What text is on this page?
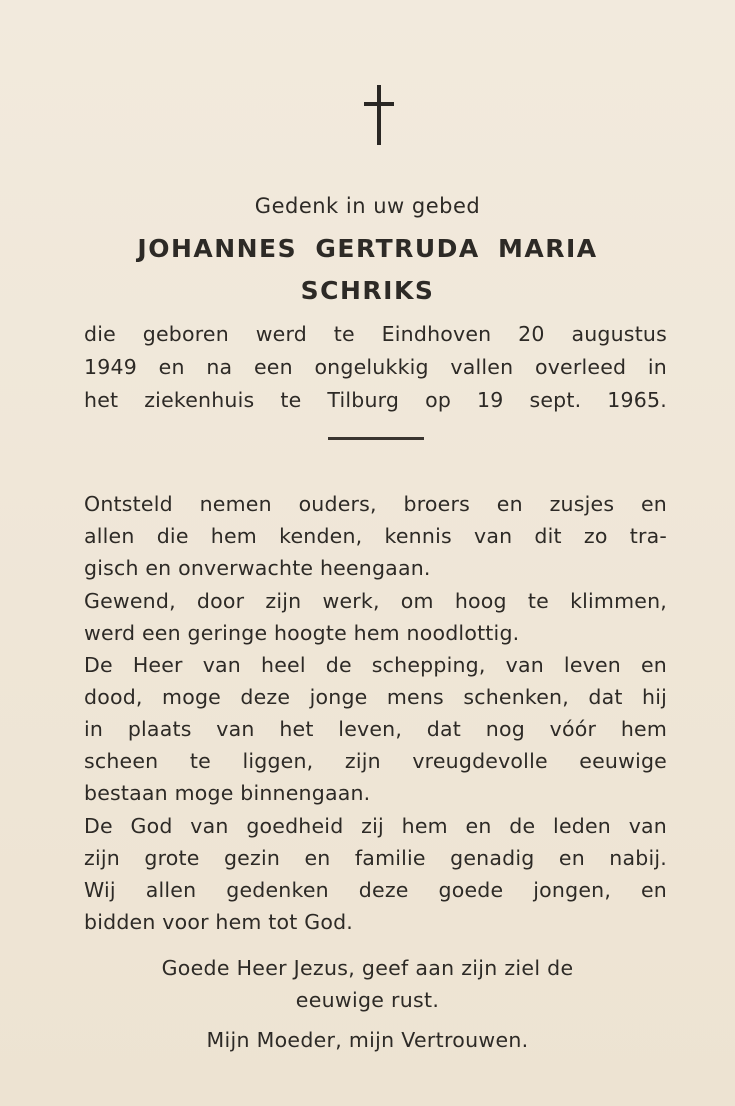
Gedenk in uw gebed
JOHANNES GERTRUDA MARIA
SCHRIKS
die geboren werd te Eindhoven 20 augustus
1949 en na een ongelukkig vallen overleed in
het ziekenhuis te Tilburg op 19 sept. 1965.
Ontsteld nemen ouders, broers en zusjes en
allen die hem kenden, kennis van dit zo tra-
gisch en onverwachte heengaan.
Gewend, door zijn werk, om hoog te klimmen,
werd een geringe hoogte hem noodlottig.
De Heer van heel de schepping, van leven en
dood, moge deze jonge mens schenken, dat hij
in plaats van het leven, dat nog vóór hem
scheen te liggen, zijn vreugdevolle eeuwige
bestaan moge binnengaan.
De God van goedheid zij hem en de leden van
zijn grote gezin en familie genadig en nabij.
Wij allen gedenken deze goede jongen, en
bidden voor hem tot God.
Goede Heer Jezus, geef aan zijn ziel de
eeuwige rust.
Mijn Moeder, mijn Vertrouwen.
